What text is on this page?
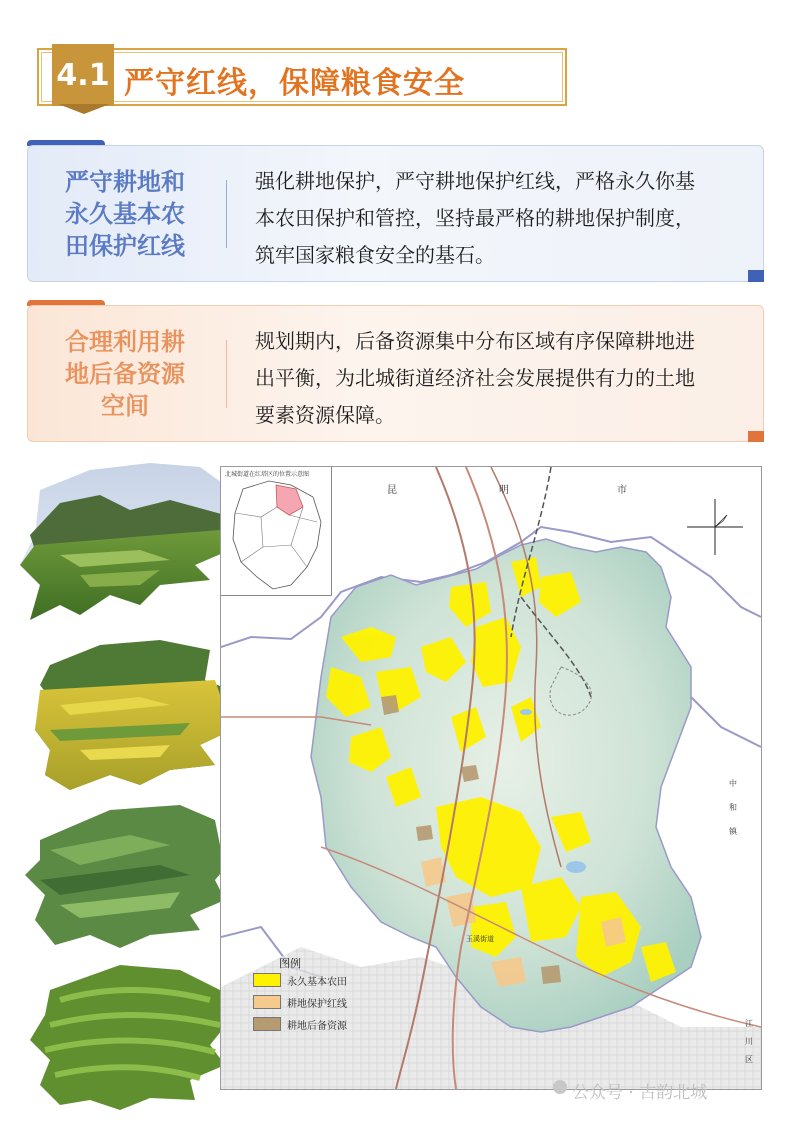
4.1 严守红线，保障粮食安全
严守耕地和
永久基本农
田保护红线
强化耕地保护，严守耕地保护红线，严格永久你基
本农田保护和管控，坚持最严格的耕地保护制度，
筑牢国家粮食安全的基石。
合理利用耕
地后备资源
空间
规划期内，后备资源集中分布区域有序保障耕地进
出平衡，为北城街道经济社会发展提供有力的土地
要素资源保障。
北城街道在红塔区的位置示意图
昆	明	市
中
和
镇
江
川
区
玉溪街道
图例
永久基本农田
耕地保护红线
耕地后备资源
公众号 · 古韵北城
